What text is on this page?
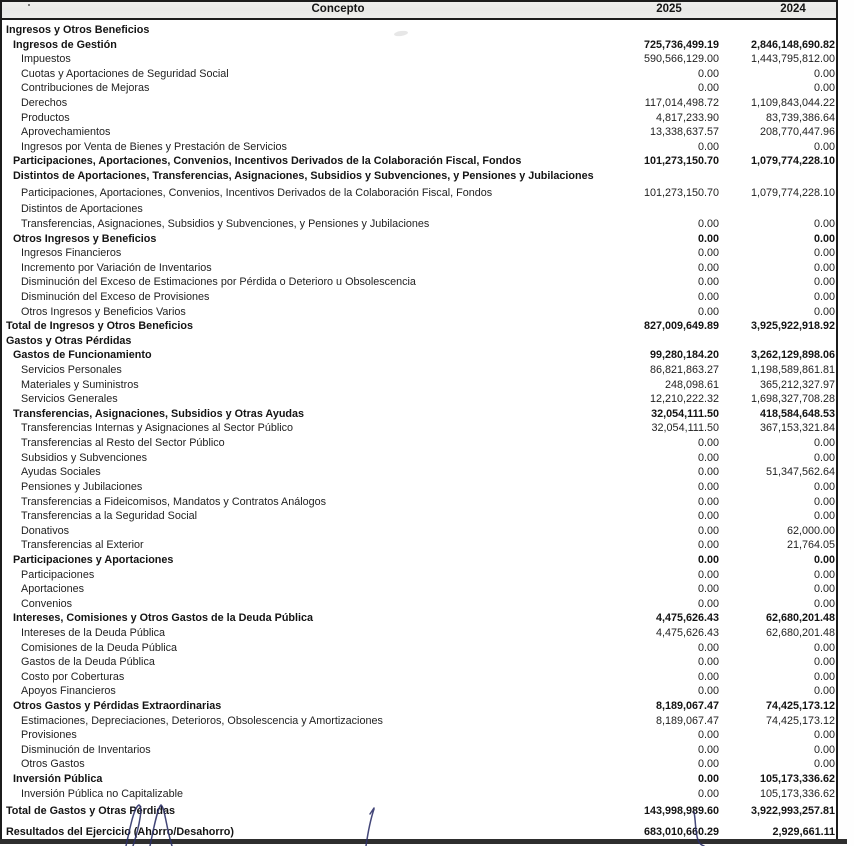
Concepto	2025	2024
Ingresos y Otros Beneficios
Ingresos de Gestión	725,736,499.19	2,846,148,690.82
Impuestos	590,566,129.00	1,443,795,812.00
Cuotas y Aportaciones de Seguridad Social	0.00	0.00
Contribuciones de Mejoras	0.00	0.00
Derechos	117,014,498.72	1,109,843,044.22
Productos	4,817,233.90	83,739,386.64
Aprovechamientos	13,338,637.57	208,770,447.96
Ingresos por Venta de Bienes y Prestación de Servicios	0.00	0.00
Participaciones, Aportaciones, Convenios, Incentivos Derivados de la Colaboración Fiscal, Fondos	101,273,150.70	1,079,774,228.10
Distintos de Aportaciones, Transferencias, Asignaciones, Subsidios y Subvenciones, y Pensiones y Jubilaciones
Participaciones, Aportaciones, Convenios, Incentivos Derivados de la Colaboración Fiscal, Fondos	101,273,150.70	1,079,774,228.10
Distintos de Aportaciones
Transferencias, Asignaciones, Subsidios y Subvenciones, y Pensiones y Jubilaciones	0.00	0.00
Otros Ingresos y Beneficios	0.00	0.00
Ingresos Financieros	0.00	0.00
Incremento por Variación de Inventarios	0.00	0.00
Disminución del Exceso de Estimaciones por Pérdida o Deterioro u Obsolescencia	0.00	0.00
Disminución del Exceso de Provisiones	0.00	0.00
Otros Ingresos y Beneficios Varios	0.00	0.00
Total de Ingresos y Otros Beneficios	827,009,649.89	3,925,922,918.92
Gastos y Otras Pérdidas
Gastos de Funcionamiento	99,280,184.20	3,262,129,898.06
Servicios Personales	86,821,863.27	1,198,589,861.81
Materiales y Suministros	248,098.61	365,212,327.97
Servicios Generales	12,210,222.32	1,698,327,708.28
Transferencias, Asignaciones, Subsidios y Otras Ayudas	32,054,111.50	418,584,648.53
Transferencias Internas y Asignaciones al Sector Público	32,054,111.50	367,153,321.84
Transferencias al Resto del Sector Público	0.00	0.00
Subsidios y Subvenciones	0.00	0.00
Ayudas Sociales	0.00	51,347,562.64
Pensiones y Jubilaciones	0.00	0.00
Transferencias a Fideicomisos, Mandatos y Contratos Análogos	0.00	0.00
Transferencias a la Seguridad Social	0.00	0.00
Donativos	0.00	62,000.00
Transferencias al Exterior	0.00	21,764.05
Participaciones y Aportaciones	0.00	0.00
Participaciones	0.00	0.00
Aportaciones	0.00	0.00
Convenios	0.00	0.00
Intereses, Comisiones y Otros Gastos de la Deuda Pública	4,475,626.43	62,680,201.48
Intereses de la Deuda Pública	4,475,626.43	62,680,201.48
Comisiones de la Deuda Pública	0.00	0.00
Gastos de la Deuda Pública	0.00	0.00
Costo por Coberturas	0.00	0.00
Apoyos Financieros	0.00	0.00
Otros Gastos y Pérdidas Extraordinarias	8,189,067.47	74,425,173.12
Estimaciones, Depreciaciones, Deterioros, Obsolescencia y Amortizaciones	8,189,067.47	74,425,173.12
Provisiones	0.00	0.00
Disminución de Inventarios	0.00	0.00
Otros Gastos	0.00	0.00
Inversión Pública	0.00	105,173,336.62
Inversión Pública no Capitalizable	0.00	105,173,336.62
Total de Gastos y Otras Pérdidas	143,998,989.60	3,922,993,257.81
Resultados del Ejercicio (Ahorro/Desahorro)	683,010,660.29	2,929,661.11
